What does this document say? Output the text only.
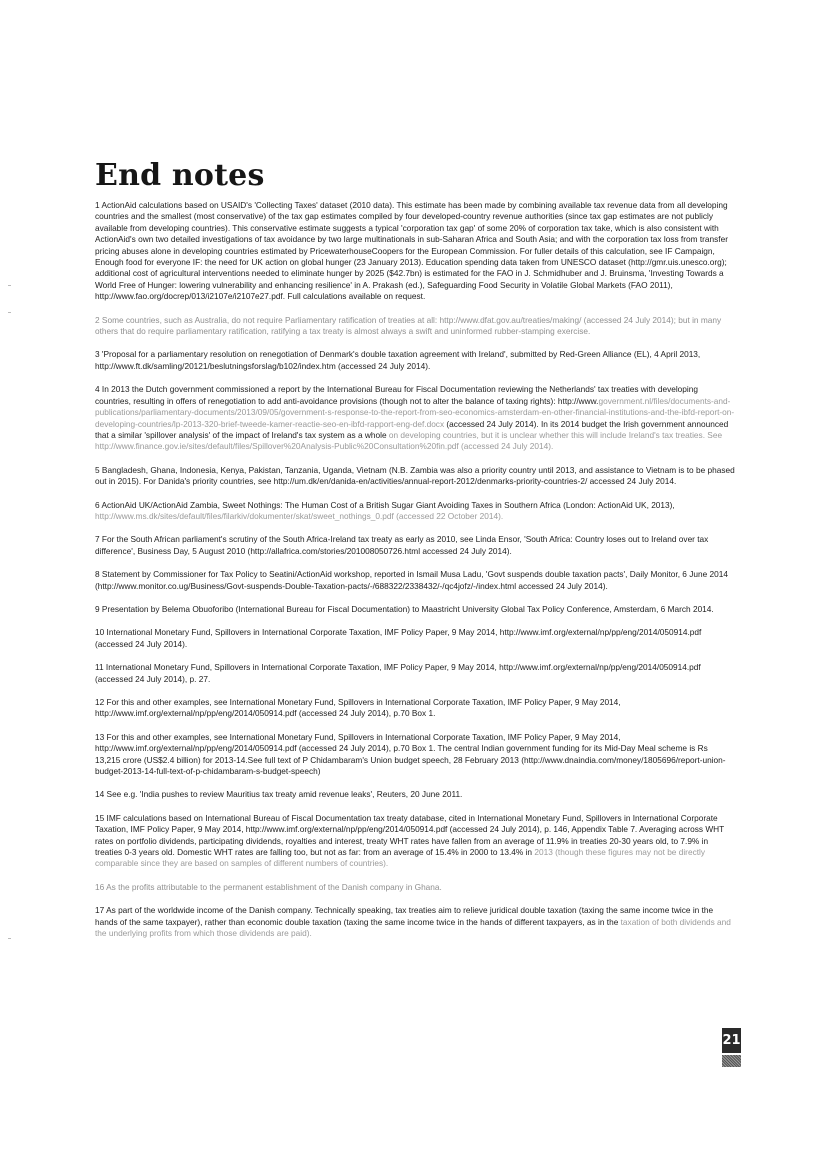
End notes

1 ActionAid calculations based on USAID's 'Collecting Taxes' dataset (2010 data). This estimate has been made by combining available tax revenue data from all developing countries and the smallest (most conservative) of the tax gap estimates compiled by four developed-country revenue authorities (since tax gap estimates are not publicly available from developing countries). This conservative estimate suggests a typical 'corporation tax gap' of some 20% of corporation tax take, which is also consistent with ActionAid's own two detailed investigations of tax avoidance by two large multinationals in sub-Saharan Africa and South Asia; and with the corporation tax loss from transfer pricing abuses alone in developing countries estimated by PricewaterhouseCoopers for the European Commission. For fuller details of this calculation, see IF Campaign, Enough food for everyone IF: the need for UK action on global hunger (23 January 2013). Education spending data taken from UNESCO dataset (http://gmr.uis.unesco.org); additional cost of agricultural interventions needed to eliminate hunger by 2025 ($42.7bn) is estimated for the FAO in J. Schmidhuber and J. Bruinsma, 'Investing Towards a World Free of Hunger: lowering vulnerability and enhancing resilience' in A. Prakash (ed.), Safeguarding Food Security in Volatile Global Markets (FAO 2011), http://www.fao.org/docrep/013/i2107e/i2107e27.pdf. Full calculations available on request.

2 Some countries, such as Australia, do not require Parliamentary ratification of treaties at all: http://www.dfat.gov.au/treaties/making/ (accessed 24 July 2014); but in many others that do require parliamentary ratification, ratifying a tax treaty is almost always a swift and uninformed rubber-stamping exercise.

3 'Proposal for a parliamentary resolution on renegotiation of Denmark's double taxation agreement with Ireland', submitted by Red-Green Alliance (EL), 4 April 2013, http://www.ft.dk/samling/20121/beslutningsforslag/b102/index.htm (accessed 24 July 2014).

4 In 2013 the Dutch government commissioned a report by the International Bureau for Fiscal Documentation reviewing the Netherlands' tax treaties with developing countries, resulting in offers of renegotiation to add anti-avoidance provisions (though not to alter the balance of taxing rights): http://www.government.nl/files/documents-and-publications/parliamentary-documents/2013/09/05/government-s-response-to-the-report-from-seo-economics-amsterdam-en-other-financial-institutions-and-the-ibfd-report-on-developing-countries/lp-2013-320-brief-tweede-kamer-reactie-seo-en-ibfd-rapport-eng-def.docx (accessed 24 July 2014). In its 2014 budget the Irish government announced that a similar 'spillover analysis' of the impact of Ireland's tax system as a whole on developing countries, but it is unclear whether this will include Ireland's tax treaties. See http://www.finance.gov.ie/sites/default/files/Spillover%20Analysis-Public%20Consultation%20fin.pdf (accessed 24 July 2014).

5 Bangladesh, Ghana, Indonesia, Kenya, Pakistan, Tanzania, Uganda, Vietnam (N.B. Zambia was also a priority country until 2013, and assistance to Vietnam is to be phased out in 2015). For Danida's priority countries, see http://um.dk/en/danida-en/activities/annual-report-2012/denmarks-priority-countries-2/ accessed 24 July 2014.

6 ActionAid UK/ActionAid Zambia, Sweet Nothings: The Human Cost of a British Sugar Giant Avoiding Taxes in Southern Africa (London: ActionAid UK, 2013), http://www.ms.dk/sites/default/files/filarkiv/dokumenter/skat/sweet_nothings_0.pdf (accessed 22 October 2014).

7 For the South African parliament's scrutiny of the South Africa-Ireland tax treaty as early as 2010, see Linda Ensor, 'South Africa: Country loses out to Ireland over tax difference', Business Day, 5 August 2010 (http://allafrica.com/stories/201008050726.html accessed 24 July 2014).

8 Statement by Commissioner for Tax Policy to Seatini/ActionAid workshop, reported in Ismail Musa Ladu, 'Govt suspends double taxation pacts', Daily Monitor, 6 June 2014 (http://www.monitor.co.ug/Business/Govt-suspends-Double-Taxation-pacts/-/688322/2338432/-/qc4jofz/-/index.html accessed 24 July 2014).

9 Presentation by Belema Obuoforibo (International Bureau for Fiscal Documentation) to Maastricht University Global Tax Policy Conference, Amsterdam, 6 March 2014.

10 International Monetary Fund, Spillovers in International Corporate Taxation, IMF Policy Paper, 9 May 2014, http://www.imf.org/external/np/pp/eng/2014/050914.pdf (accessed 24 July 2014).

11 International Monetary Fund, Spillovers in International Corporate Taxation, IMF Policy Paper, 9 May 2014, http://www.imf.org/external/np/pp/eng/2014/050914.pdf (accessed 24 July 2014), p. 27.

12 For this and other examples, see International Monetary Fund, Spillovers in International Corporate Taxation, IMF Policy Paper, 9 May 2014, http://www.imf.org/external/np/pp/eng/2014/050914.pdf (accessed 24 July 2014), p.70 Box 1.

13 For this and other examples, see International Monetary Fund, Spillovers in International Corporate Taxation, IMF Policy Paper, 9 May 2014, http://www.imf.org/external/np/pp/eng/2014/050914.pdf (accessed 24 July 2014), p.70 Box 1. The central Indian government funding for its Mid-Day Meal scheme is Rs 13,215 crore (US$2.4 billion) for 2013-14.See full text of P Chidambaram's Union budget speech, 28 February 2013 (http://www.dnaindia.com/money/1805696/report-union-budget-2013-14-full-text-of-p-chidambaram-s-budget-speech)

14 See e.g. 'India pushes to review Mauritius tax treaty amid revenue leaks', Reuters, 20 June 2011.

15 IMF calculations based on International Bureau of Fiscal Documentation tax treaty database, cited in International Monetary Fund, Spillovers in International Corporate Taxation, IMF Policy Paper, 9 May 2014, http://www.imf.org/external/np/pp/eng/2014/050914.pdf (accessed 24 July 2014), p. 146, Appendix Table 7. Averaging across WHT rates on portfolio dividends, participating dividends, royalties and interest, treaty WHT rates have fallen from an average of 11.9% in treaties 20-30 years old, to 7.9% in treaties 0-3 years old. Domestic WHT rates are falling too, but not as far: from an average of 15.4% in 2000 to 13.4% in 2013 (though these figures may not be directly comparable since they are based on samples of different numbers of countries).

16 As the profits attributable to the permanent establishment of the Danish company in Ghana.

17 As part of the worldwide income of the Danish company. Technically speaking, tax treaties aim to relieve juridical double taxation (taxing the same income twice in the hands of the same taxpayer), rather than economic double taxation (taxing the same income twice in the hands of different taxpayers, as in the taxation of both dividends and the underlying profits from which those dividends are paid).

21
